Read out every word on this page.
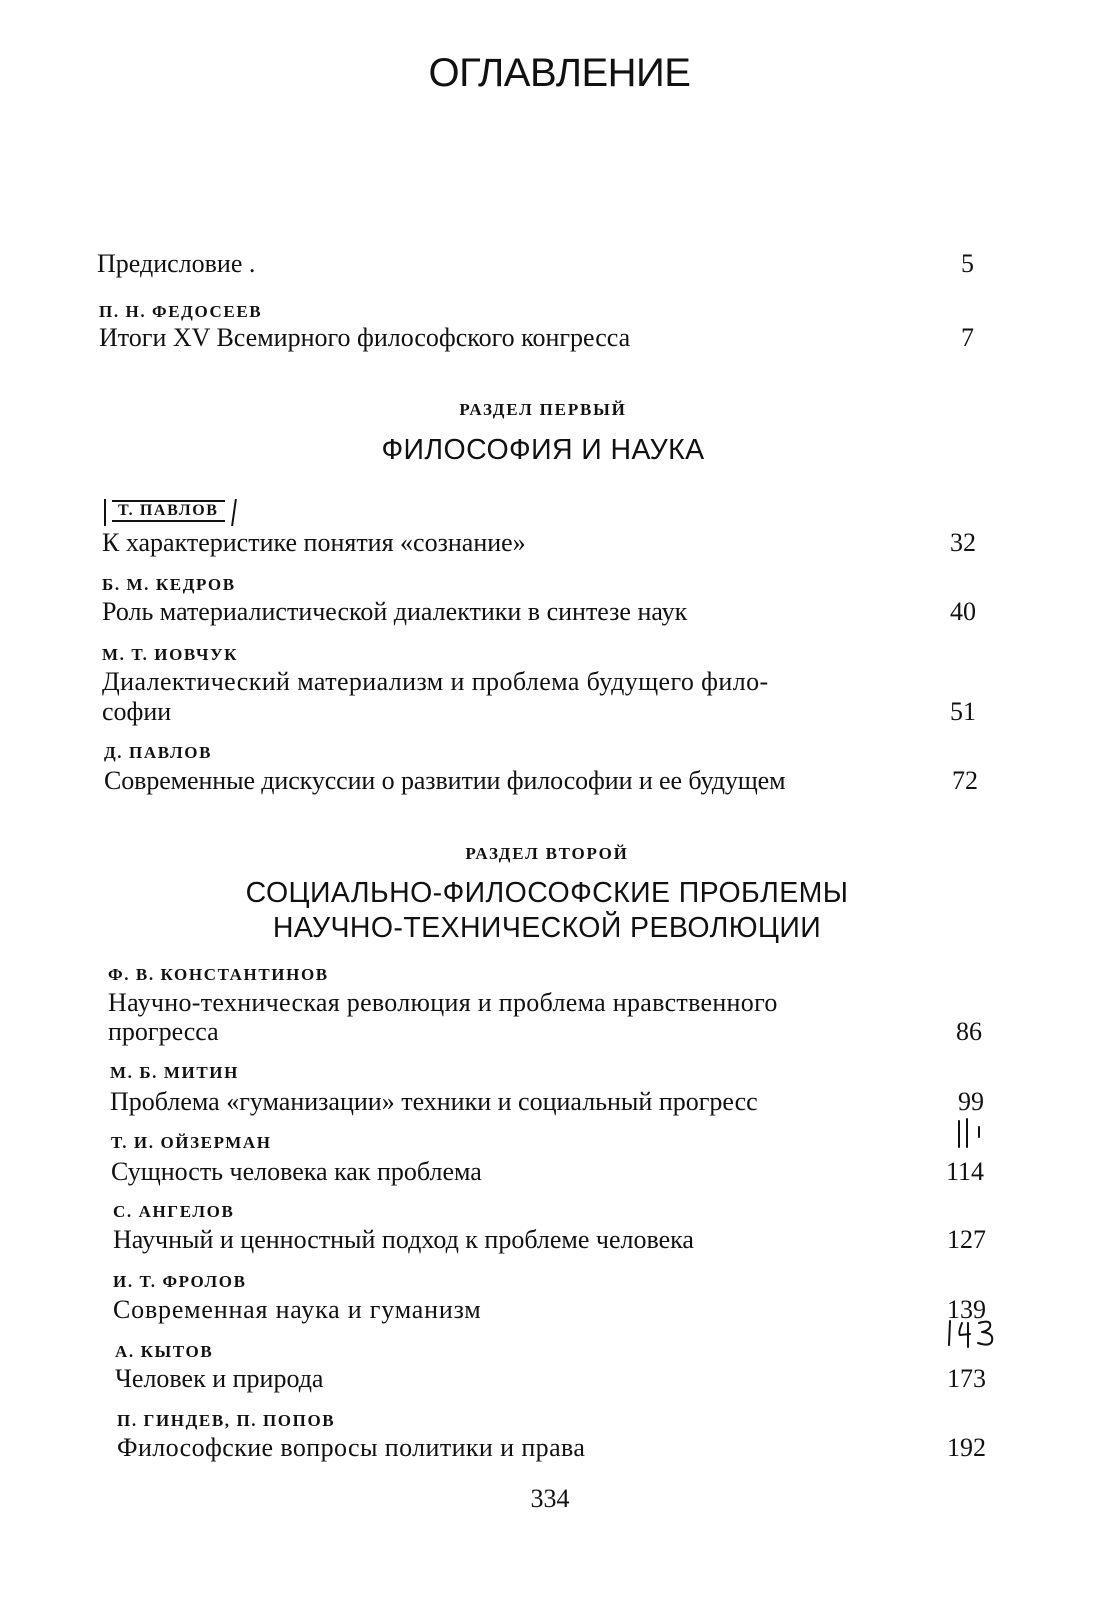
ОГЛАВЛЕНИЕ
Предисловие .	5
П. Н. ФЕДОСЕЕВ
Итоги XV Всемирного философского конгресса	7
РАЗДЕЛ ПЕРВЫЙ
ФИЛОСОФИЯ И НАУКА
Т. ПАВЛОВ
К характеристике понятия «сознание»	32
Б. М. КЕДРОВ
Роль материалистической диалектики в синтезе наук	40
М. Т. ИОВЧУК
Диалектический материализм и проблема будущего фило-
софии	51
Д. ПАВЛОВ
Современные дискуссии о развитии философии и ее будущем	72
РАЗДЕЛ ВТОРОЙ
СОЦИАЛЬНО-ФИЛОСОФСКИЕ ПРОБЛЕМЫ
НАУЧНО-ТЕХНИЧЕСКОЙ РЕВОЛЮЦИИ
Ф. В. КОНСТАНТИНОВ
Научно-техническая революция и проблема нравственного
прогресса	86
М. Б. МИТИН
Проблема «гуманизации» техники и социальный прогресс	99
Т. И. ОЙЗЕРМАН
Сущность человека как проблема	114
С. АНГЕЛОВ
Научный и ценностный подход к проблеме человека	127
И. Т. ФРОЛОВ
Современная наука и гуманизм	139
А. КЫТОВ
Человек и природа	173
П. ГИНДЕВ, П. ПОПОВ
Философские вопросы политики и права	192
334
